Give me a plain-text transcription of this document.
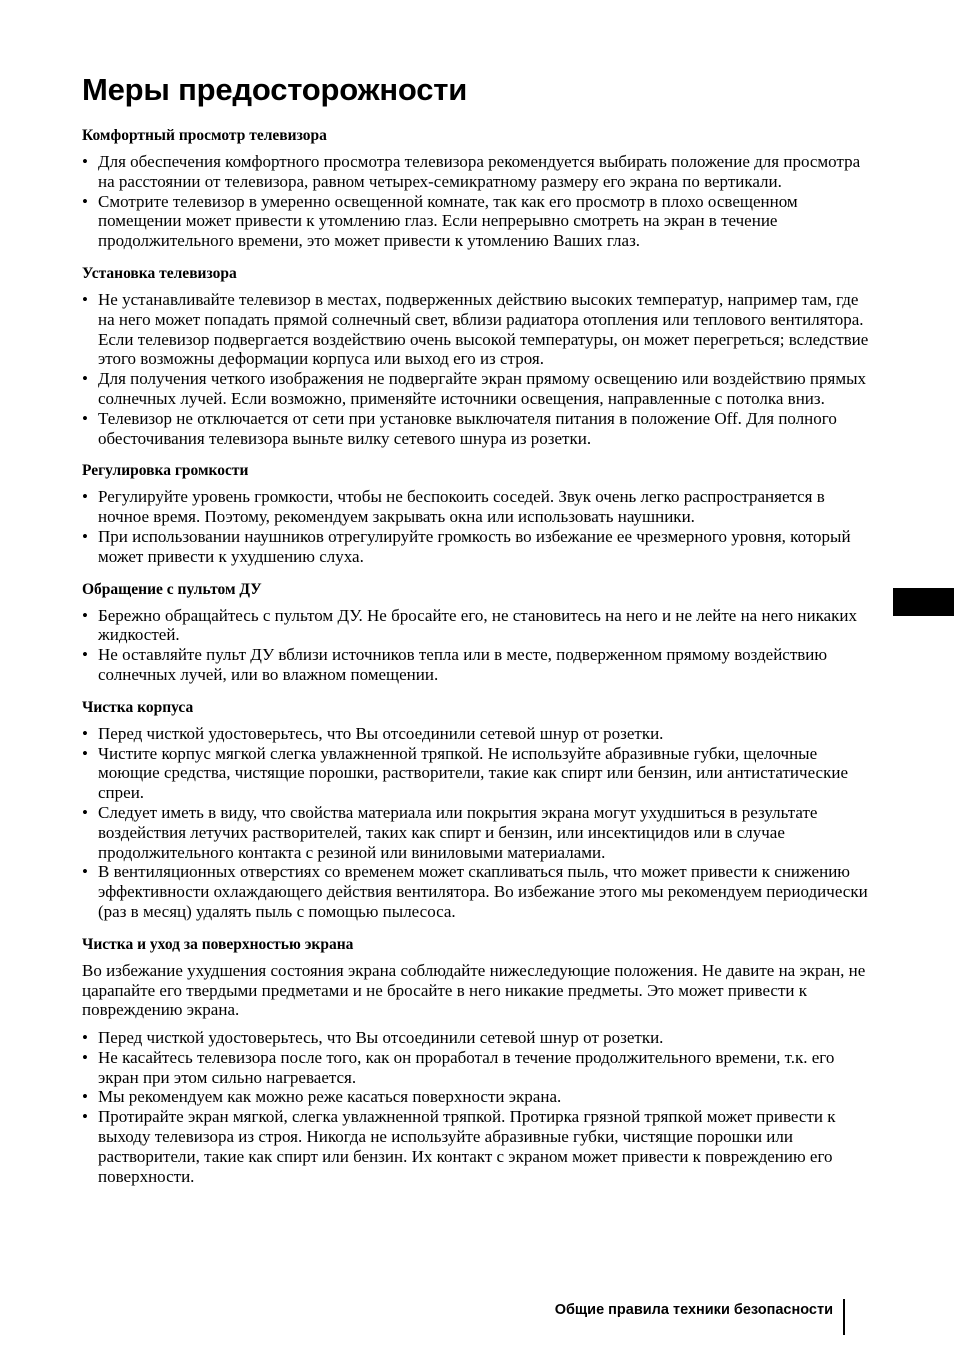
Меры предосторожности
Комфортный просмотр телевизора
• Для обеспечения комфортного просмотра телевизора рекомендуется выбирать положение для просмотра на расстоянии от телевизора, равном четырех-семикратному размеру его экрана по вертикали.
• Смотрите телевизор в умеренно освещенной комнате, так как его просмотр в плохо освещенном помещении может привести к утомлению глаз. Если непрерывно смотреть на экран в течение продолжительного времени, это может привести к утомлению Ваших глаз.
Установка телевизора
• Не устанавливайте телевизор в местах, подверженных действию высоких температур, например там, где на него может попадать прямой солнечный свет, вблизи радиатора отопления или теплового вентилятора. Если телевизор подвергается воздействию очень высокой температуры, он может перегреться; вследствие этого возможны деформации корпуса или выход его из строя.
• Для получения четкого изображения не подвергайте экран прямому освещению или воздействию прямых солнечных лучей. Если возможно, применяйте источники освещения, направленные с потолка вниз.
• Телевизор не отключается от сети при установке выключателя питания в положение Off. Для полного обесточивания телевизора выньте вилку сетевого шнура из розетки.
Регулировка громкости
• Регулируйте уровень громкости, чтобы не беспокоить соседей. Звук очень легко распространяется в ночное время. Поэтому, рекомендуем закрывать окна или использовать наушники.
• При использовании наушников отрегулируйте громкость во избежание ее чрезмерного уровня, который может привести к ухудшению слуха.
Обращение с пультом ДУ
• Бережно обращайтесь с пультом ДУ. Не бросайте его, не становитесь на него и не лейте на него никаких жидкостей.
• Не оставляйте пульт ДУ вблизи источников тепла или в месте, подверженном прямому воздействию солнечных лучей, или во влажном помещении.
Чистка корпуса
• Перед чисткой удостоверьтесь, что Вы отсоединили сетевой шнур от розетки.
• Чистите корпус мягкой слегка увлажненной тряпкой. Не используйте абразивные губки, щелочные моющие средства, чистящие порошки, растворители, такие как спирт или бензин, или антистатические спреи.
• Следует иметь в виду, что свойства материала или покрытия экрана могут ухудшиться в результате воздействия летучих растворителей, таких как спирт и бензин, или инсектицидов или в случае продолжительного контакта с резиной или виниловыми материалами.
• В вентиляционных отверстиях со временем может скапливаться пыль, что может привести к снижению эффективности охлаждающего действия вентилятора. Во избежание этого мы рекомендуем периодически (раз в месяц) удалять пыль с помощью пылесоса.
Чистка и уход за поверхностью экрана

Во избежание ухудшения состояния экрана соблюдайте нижеследующие положения. Не давите на экран, не царапайте его твердыми предметами и не бросайте в него никакие предметы. Это может привести к повреждению экрана.

• Перед чисткой удостоверьтесь, что Вы отсоединили сетевой шнур от розетки.
• Не касайтесь телевизора после того, как он проработал в течение продолжительного времени, т.к. его экран при этом сильно нагревается.
• Мы рекомендуем как можно реже касаться поверхности экрана.
• Протирайте экран мягкой, слегка увлажненной тряпкой. Протирка грязной тряпкой может привести к выходу телевизора из строя. Никогда не используйте абразивные губки, чистящие порошки или растворители, такие как спирт или бензин. Их контакт с экраном может привести к повреждению его поверхности.
Общие правила техники безопасности
